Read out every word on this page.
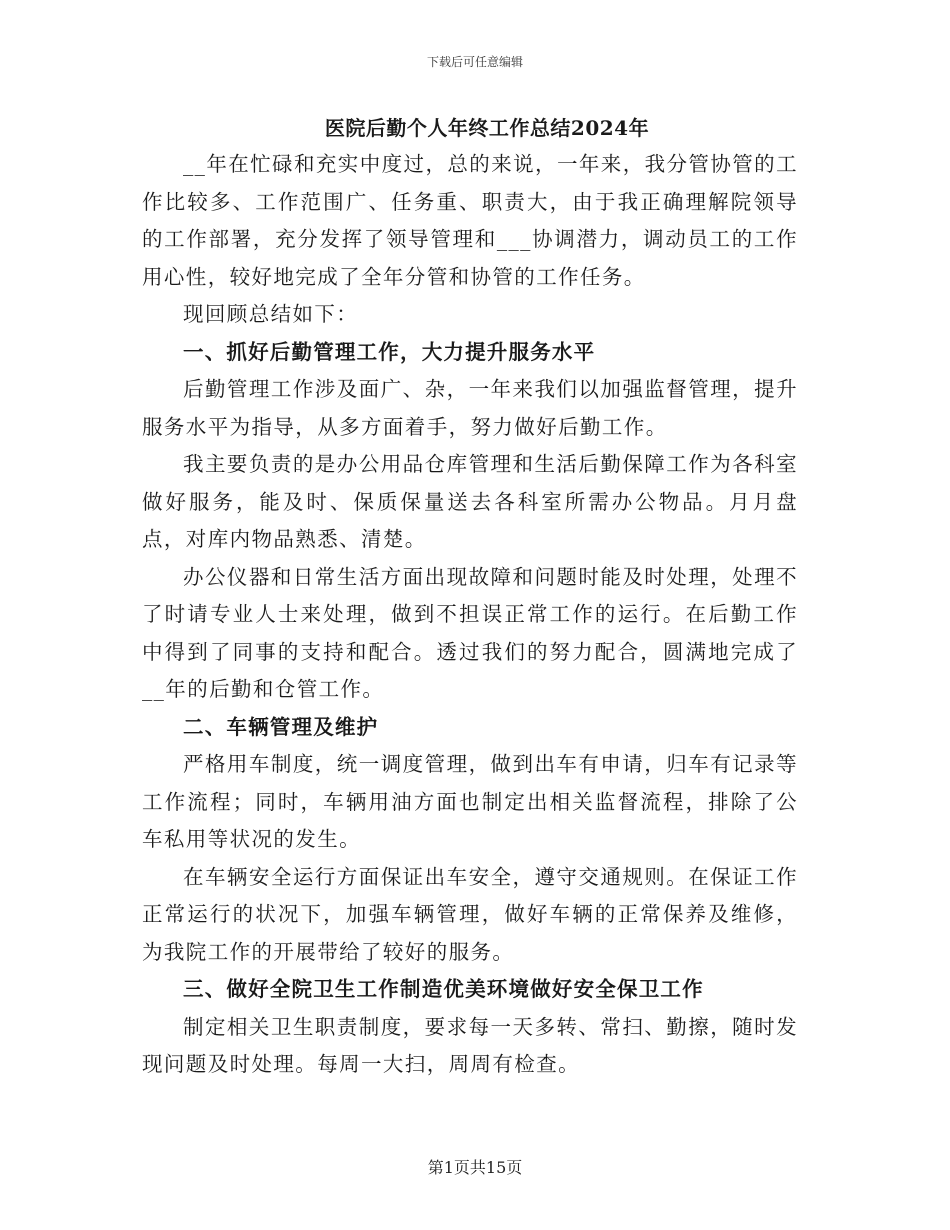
下载后可任意编辑
医院后勤个人年终工作总结2024年

__年在忙碌和充实中度过，总的来说，一年来，我分管协管的工作比较多、工作范围广、任务重、职责大，由于我正确理解院领导的工作部署，充分发挥了领导管理和___协调潜力，调动员工的工作用心性，较好地完成了全年分管和协管的工作任务。

现回顾总结如下：

一、抓好后勤管理工作，大力提升服务水平

后勤管理工作涉及面广、杂，一年来我们以加强监督管理，提升服务水平为指导，从多方面着手，努力做好后勤工作。

我主要负责的是办公用品仓库管理和生活后勤保障工作为各科室做好服务，能及时、保质保量送去各科室所需办公物品。月月盘点，对库内物品熟悉、清楚。

办公仪器和日常生活方面出现故障和问题时能及时处理，处理不了时请专业人士来处理，做到不担误正常工作的运行。在后勤工作中得到了同事的支持和配合。透过我们的努力配合，圆满地完成了__年的后勤和仓管工作。

二、车辆管理及维护

严格用车制度，统一调度管理，做到出车有申请，归车有记录等工作流程；同时，车辆用油方面也制定出相关监督流程，排除了公车私用等状况的发生。

在车辆安全运行方面保证出车安全，遵守交通规则。在保证工作正常运行的状况下，加强车辆管理，做好车辆的正常保养及维修，为我院工作的开展带给了较好的服务。

三、做好全院卫生工作制造优美环境做好安全保卫工作

制定相关卫生职责制度，要求每一天多转、常扫、勤擦，随时发现问题及时处理。每周一大扫，周周有检查。

第1页共15页
